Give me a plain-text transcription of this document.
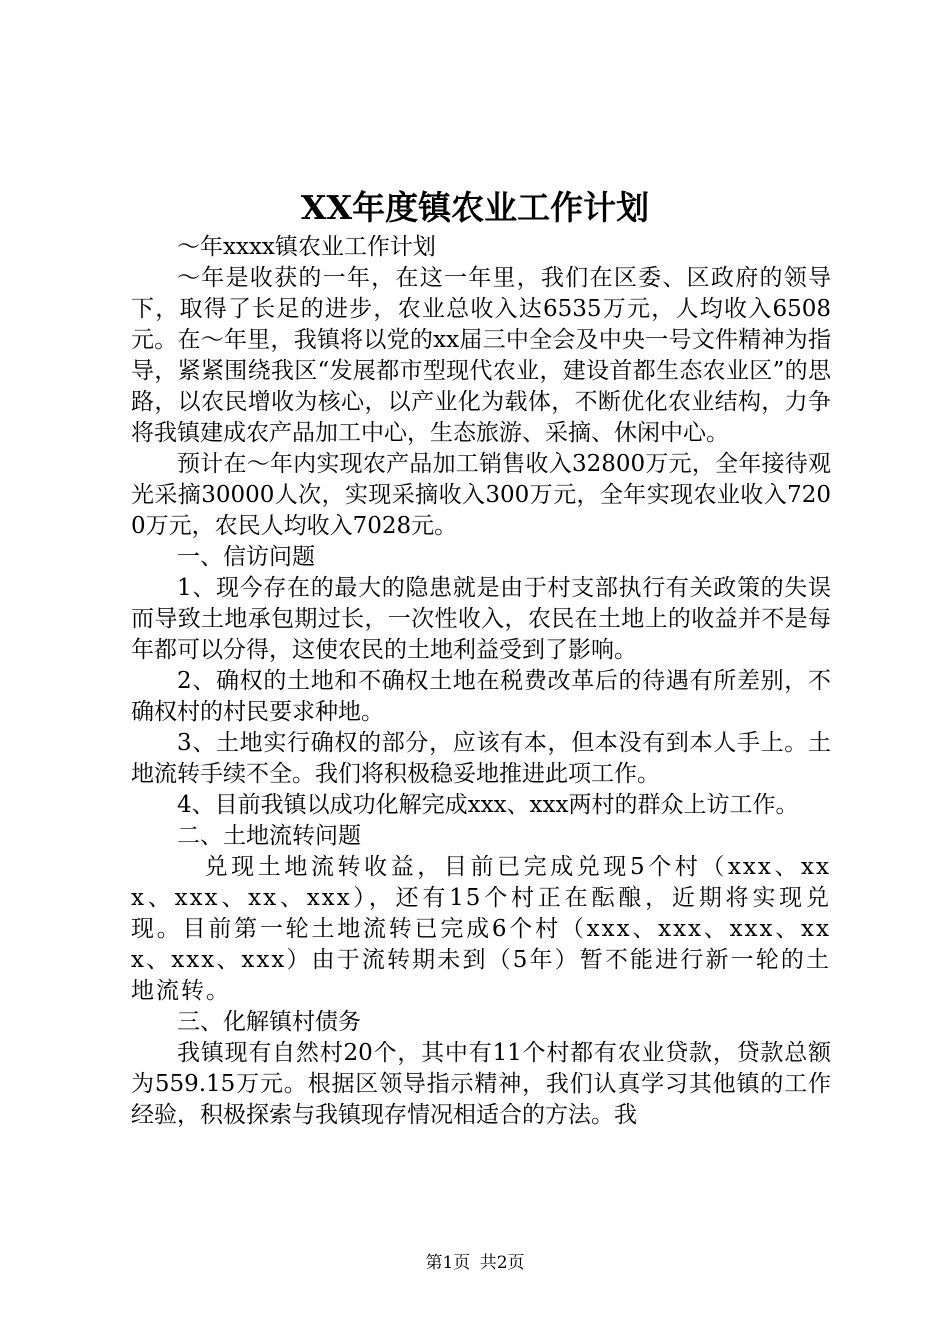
XX年度镇农业工作计划

～年xxxx镇农业工作计划

～年是收获的一年，在这一年里，我们在区委、区政府的领导下，取得了长足的进步，农业总收入达6535万元，人均收入6508元。在～年里，我镇将以党的xx届三中全会及中央一号文件精神为指导，紧紧围绕我区“发展都市型现代农业，建设首都生态农业区”的思路，以农民增收为核心，以产业化为载体，不断优化农业结构，力争将我镇建成农产品加工中心，生态旅游、采摘、休闲中心。

预计在～年内实现农产品加工销售收入32800万元，全年接待观光采摘30000人次，实现采摘收入300万元，全年实现农业收入7200万元，农民人均收入7028元。

一、信访问题

1、现今存在的最大的隐患就是由于村支部执行有关政策的失误而导致土地承包期过长，一次性收入，农民在土地上的收益并不是每年都可以分得，这使农民的土地利益受到了影响。

2、确权的土地和不确权土地在税费改革后的待遇有所差别，不确权村的村民要求种地。

3、土地实行确权的部分，应该有本，但本没有到本人手上。土地流转手续不全。我们将积极稳妥地推进此项工作。

4、目前我镇以成功化解完成xxx、xxx两村的群众上访工作。

二、土地流转问题

兑现土地流转收益，目前已完成兑现5个村（xxx、xxx、xxx、xx、xxx），还有15个村正在酝酿，近期将实现兑现。目前第一轮土地流转已完成6个村（xxx、xxx、xxx、xxx、xxx、xxx）由于流转期未到（5年）暂不能进行新一轮的土地流转。

三、化解镇村债务

我镇现有自然村20个，其中有11个村都有农业贷款，贷款总额为559.15万元。根据区领导指示精神，我们认真学习其他镇的工作经验，积极探索与我镇现存情况相适合的方法。我

第1页 共2页
